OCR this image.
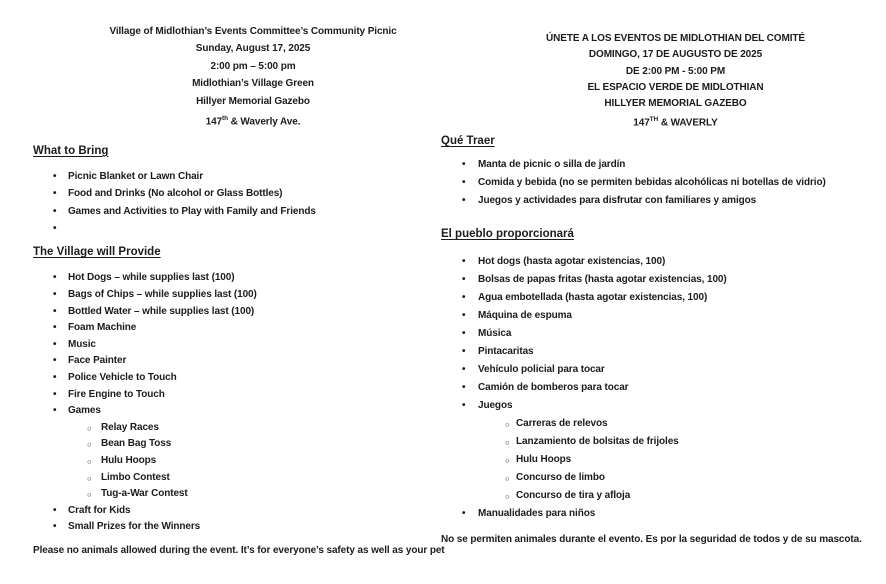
Village of Midlothian’s Events Committee’s Community Picnic
Sunday, August 17, 2025
2:00 pm – 5:00 pm
Midlothian’s Village Green
Hillyer Memorial Gazebo
147th & Waverly Ave.
What to Bring
• Picnic Blanket or Lawn Chair
• Food and Drinks (No alcohol or Glass Bottles)
• Games and Activities to Play with Family and Friends
•
The Village will Provide
• Hot Dogs – while supplies last (100)
• Bags of Chips – while supplies last (100)
• Bottled Water – while supplies last (100)
• Foam Machine
• Music
• Face Painter
• Police Vehicle to Touch
• Fire Engine to Touch
• Games
○ Relay Races
○ Bean Bag Toss
○ Hulu Hoops
○ Limbo Contest
○ Tug-a-War Contest
• Craft for Kids
• Small Prizes for the Winners
Please no animals allowed during the event. It’s for everyone’s safety as well as your pet
ÚNETE A LOS EVENTOS DE MIDLOTHIAN DEL COMITÉ
DOMINGO, 17 DE AUGUSTO DE 2025
DE 2:00 PM - 5:00 PM
EL ESPACIO VERDE DE MIDLOTHIAN
HILLYER MEMORIAL GAZEBO
147TH & WAVERLY
Qué Traer
• Manta de picnic o silla de jardín
• Comida y bebida (no se permiten bebidas alcohólicas ni botellas de vidrio)
• Juegos y actividades para disfrutar con familiares y amigos
El pueblo proporcionará
• Hot dogs (hasta agotar existencias, 100)
• Bolsas de papas fritas (hasta agotar existencias, 100)
• Agua embotellada (hasta agotar existencias, 100)
• Máquina de espuma
• Música
• Pintacaritas
• Vehículo policial para tocar
• Camión de bomberos para tocar
• Juegos
○ Carreras de relevos
○ Lanzamiento de bolsitas de frijoles
○ Hulu Hoops
○ Concurso de limbo
○ Concurso de tira y afloja
• Manualidades para niños
No se permiten animales durante el evento. Es por la seguridad de todos y de su mascota.
